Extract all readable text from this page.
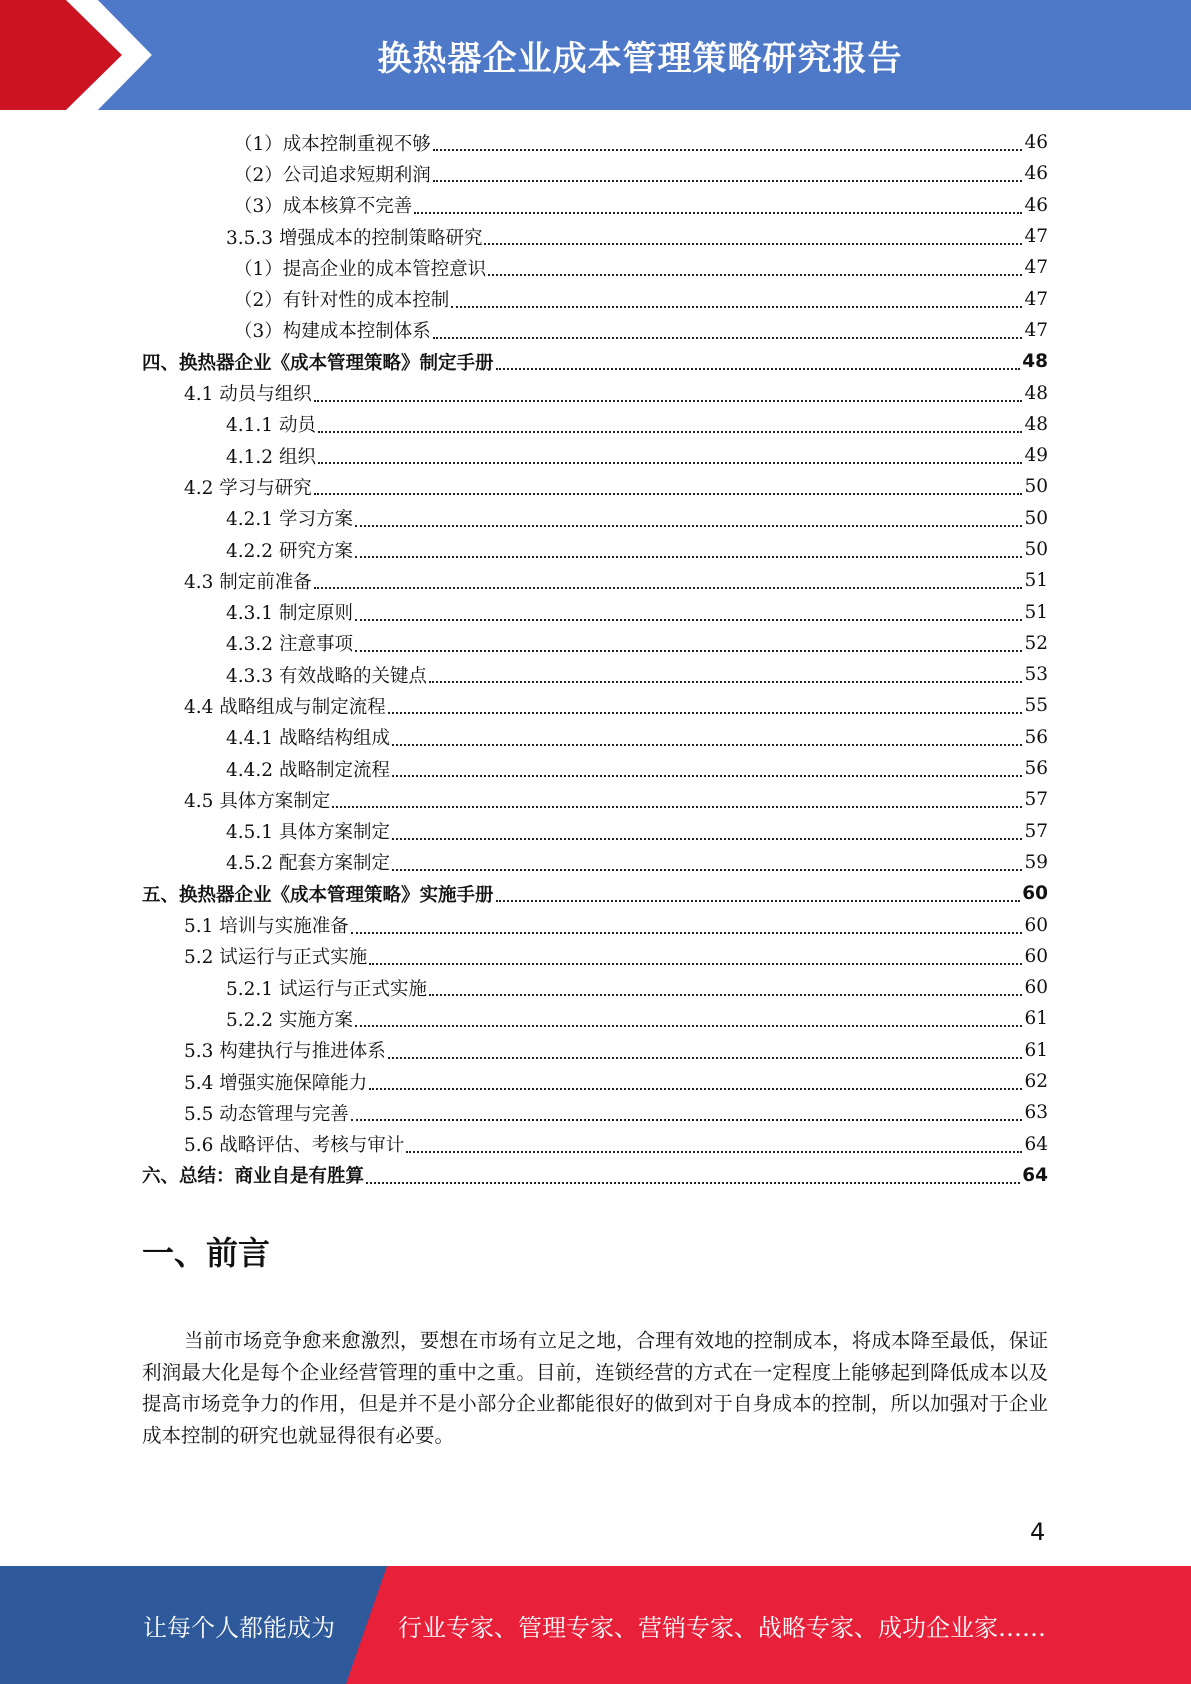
换热器企业成本管理策略研究报告
（1）成本控制重视不够	46
（2）公司追求短期利润	46
（3）成本核算不完善	46
3.5.3 增强成本的控制策略研究	47
（1）提高企业的成本管控意识	47
（2）有针对性的成本控制	47
（3）构建成本控制体系	47
四、换热器企业《成本管理策略》制定手册	48
4.1 动员与组织	48
4.1.1 动员	48
4.1.2 组织	49
4.2 学习与研究	50
4.2.1 学习方案	50
4.2.2 研究方案	50
4.3 制定前准备	51
4.3.1 制定原则	51
4.3.2 注意事项	52
4.3.3 有效战略的关键点	53
4.4 战略组成与制定流程	55
4.4.1 战略结构组成	56
4.4.2 战略制定流程	56
4.5 具体方案制定	57
4.5.1 具体方案制定	57
4.5.2 配套方案制定	59
五、换热器企业《成本管理策略》实施手册	60
5.1 培训与实施准备	60
5.2 试运行与正式实施	60
5.2.1 试运行与正式实施	60
5.2.2 实施方案	61
5.3 构建执行与推进体系	61
5.4 增强实施保障能力	62
5.5 动态管理与完善	63
5.6 战略评估、考核与审计	64
六、总结：商业自是有胜算	64
一、前言
当前市场竞争愈来愈激烈，要想在市场有立足之地，合理有效地的控制成本，将成本降至最低，保证利润最大化是每个企业经营管理的重中之重。目前，连锁经营的方式在一定程度上能够起到降低成本以及提高市场竞争力的作用，但是并不是小部分企业都能很好的做到对于自身成本的控制，所以加强对于企业成本控制的研究也就显得很有必要。
4
让每个人都能成为	行业专家、管理专家、营销专家、战略专家、成功企业家……
